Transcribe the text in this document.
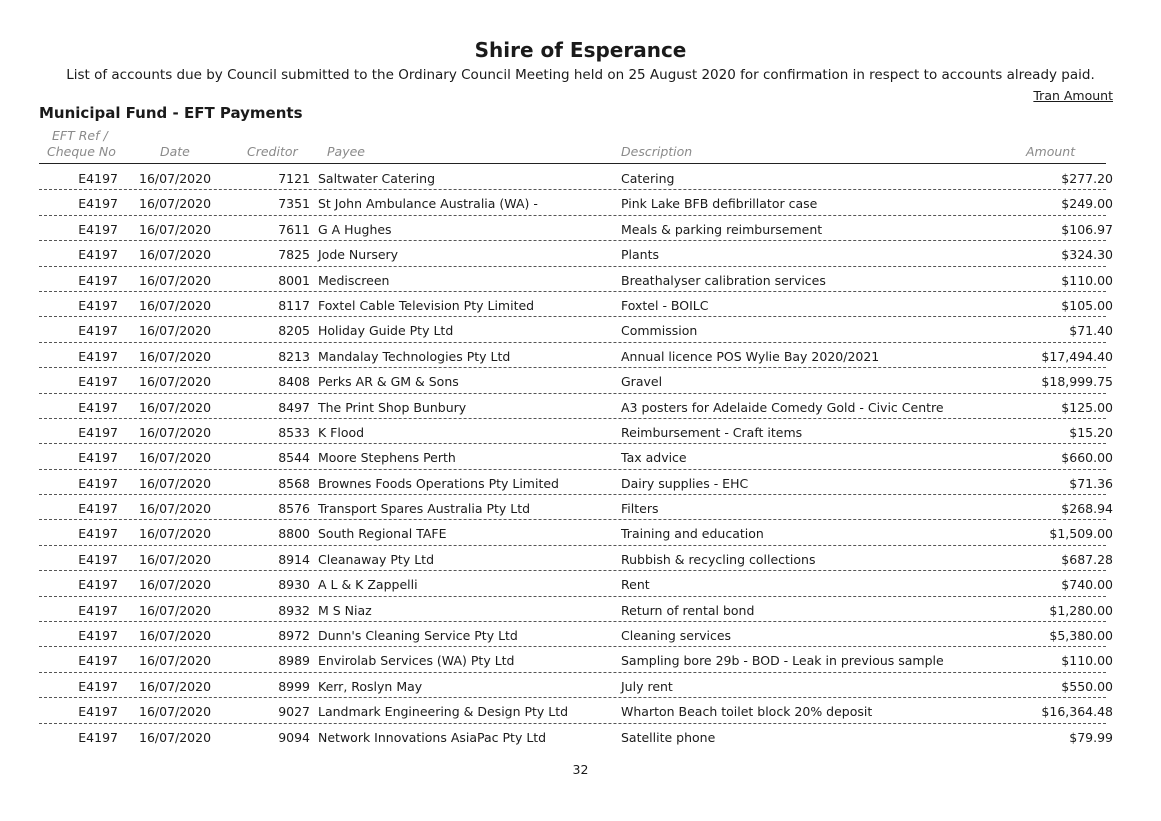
Shire of Esperance
List of accounts due by Council submitted to the Ordinary Council Meeting held on 25 August 2020 for confirmation in respect to accounts already paid.
Tran Amount
Municipal Fund - EFT Payments
EFT Ref /
Cheque No	Date	Creditor Payee	Description	Amount
E4197 16/07/2020	7121 Saltwater Catering	Catering	$277.20
E4197 16/07/2020	7351 St John Ambulance Australia (WA) -	Pink Lake BFB defibrillator case	$249.00
E4197 16/07/2020	7611 G A Hughes	Meals & parking reimbursement	$106.97
E4197 16/07/2020	7825 Jode Nursery	Plants	$324.30
E4197 16/07/2020	8001 Mediscreen	Breathalyser calibration services	$110.00
E4197 16/07/2020	8117 Foxtel Cable Television Pty Limited	Foxtel - BOILC	$105.00
E4197 16/07/2020	8205 Holiday Guide Pty Ltd	Commission	$71.40
E4197 16/07/2020	8213 Mandalay Technologies Pty Ltd	Annual licence POS Wylie Bay 2020/2021	$17,494.40
E4197 16/07/2020	8408 Perks AR & GM & Sons	Gravel	$18,999.75
E4197 16/07/2020	8497 The Print Shop Bunbury	A3 posters for Adelaide Comedy Gold - Civic Centre	$125.00
E4197 16/07/2020	8533 K Flood	Reimbursement - Craft items	$15.20
E4197 16/07/2020	8544 Moore Stephens Perth	Tax advice	$660.00
E4197 16/07/2020	8568 Brownes Foods Operations Pty Limited	Dairy supplies - EHC	$71.36
E4197 16/07/2020	8576 Transport Spares Australia Pty Ltd	Filters	$268.94
E4197 16/07/2020	8800 South Regional TAFE	Training and education	$1,509.00
E4197 16/07/2020	8914 Cleanaway Pty Ltd	Rubbish & recycling collections	$687.28
E4197 16/07/2020	8930 A L & K Zappelli	Rent	$740.00
E4197 16/07/2020	8932 M S Niaz	Return of rental bond	$1,280.00
E4197 16/07/2020	8972 Dunn's Cleaning Service Pty Ltd	Cleaning services	$5,380.00
E4197 16/07/2020	8989 Envirolab Services (WA) Pty Ltd	Sampling bore 29b - BOD - Leak in previous sample	$110.00
E4197 16/07/2020	8999 Kerr, Roslyn May	July rent	$550.00
E4197 16/07/2020	9027 Landmark Engineering & Design Pty Ltd	Wharton Beach toilet block 20% deposit	$16,364.48
E4197 16/07/2020	9094 Network Innovations AsiaPac Pty Ltd	Satellite phone	$79.99
32
